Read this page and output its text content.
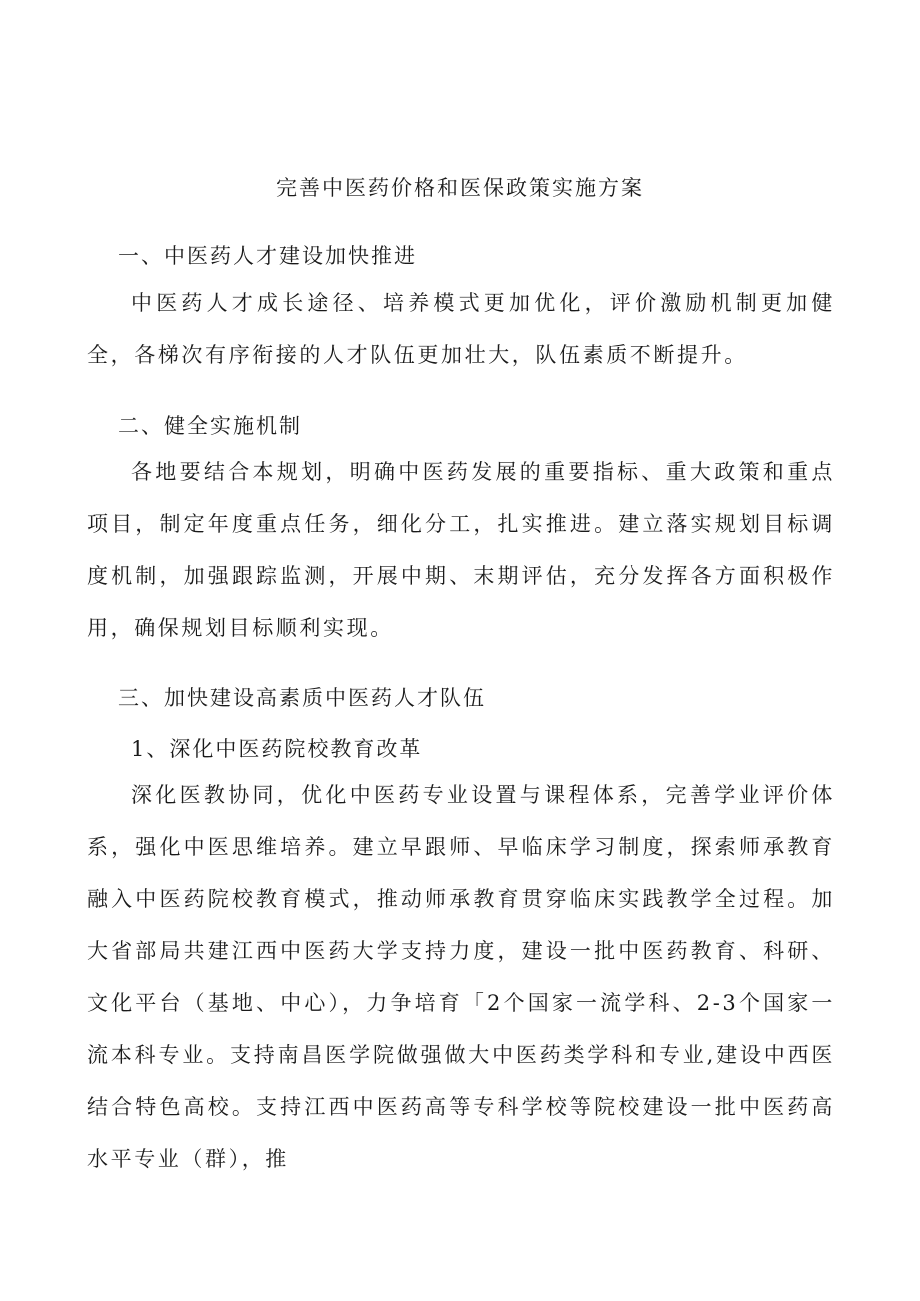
完善中医药价格和医保政策实施方案
一、中医药人才建设加快推进

中医药人才成长途径、培养模式更加优化，评价激励机制更加健全，各梯次有序衔接的人才队伍更加壮大，队伍素质不断提升。

二、健全实施机制

各地要结合本规划，明确中医药发展的重要指标、重大政策和重点项目，制定年度重点任务，细化分工，扎实推进。建立落实规划目标调度机制，加强跟踪监测，开展中期、末期评估，充分发挥各方面积极作用，确保规划目标顺利实现。

三、加快建设高素质中医药人才队伍
1、深化中医药院校教育改革

深化医教协同，优化中医药专业设置与课程体系，完善学业评价体系，强化中医思维培养。建立早跟师、早临床学习制度，探索师承教育融入中医药院校教育模式，推动师承教育贯穿临床实践教学全过程。加大省部局共建江西中医药大学支持力度，建设一批中医药教育、科研、文化平台（基地、中心），力争培育「2个国家一流学科、2-3个国家一流本科专业。支持南昌医学院做强做大中医药类学科和专业,建设中西医结合特色高校。支持江西中医药高等专科学校等院校建设一批中医药高水平专业（群），推
